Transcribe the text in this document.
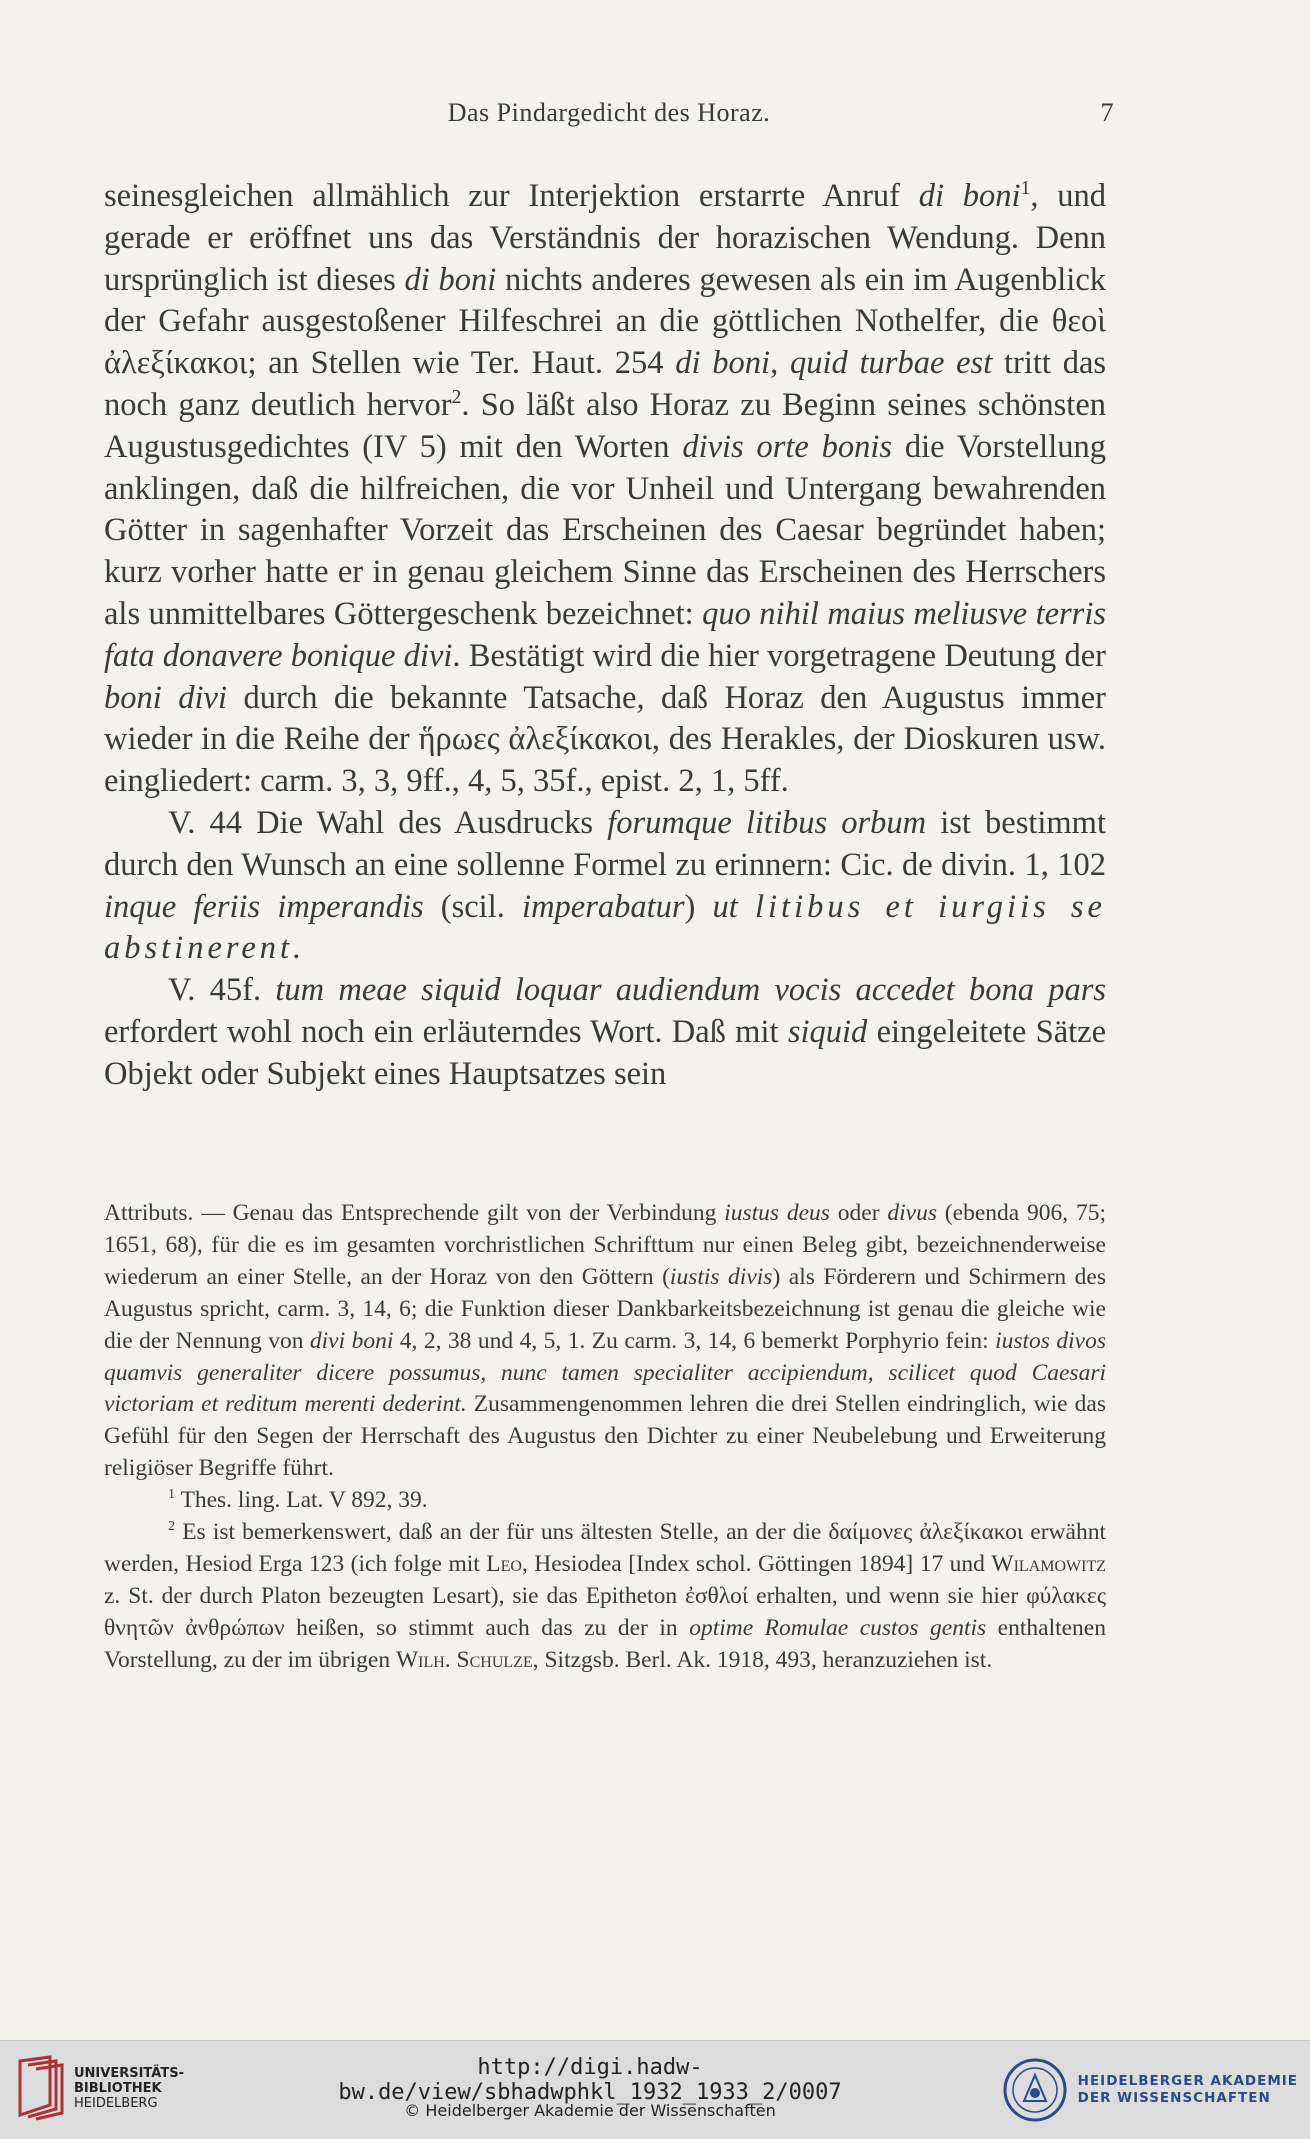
Das Pindargedicht des Horaz.	7

seinesgleichen allmählich zur Interjektion erstarrte Anruf di boni$^1$, und gerade er eröffnet uns das Verständnis der horazischen Wendung. Denn ursprünglich ist dieses di boni nichts anderes gewesen als ein im Augenblick der Gefahr ausgestoßener Hilfeschrei an die göttlichen Nothelfer, die θεοὶ ἀλεξίκακοι; an Stellen wie Ter. Haut. 254 di boni, quid turbae est tritt das noch ganz deutlich hervor$^2$. So läßt also Horaz zu Beginn seines schönsten Augustusgedichtes (IV 5) mit den Worten divis orte bonis die Vorstellung anklingen, daß die hilfreichen, die vor Unheil und Untergang bewahrenden Götter in sagenhafter Vorzeit das Erscheinen des Caesar begründet haben; kurz vorher hatte er in genau gleichem Sinne das Erscheinen des Herrschers als unmittelbares Göttergeschenk bezeichnet: quo nihil maius meliusve terris fata donavere bonique divi. Bestätigt wird die hier vorgetragene Deutung der boni divi durch die bekannte Tatsache, daß Horaz den Augustus immer wieder in die Reihe der ἥρωες ἀλεξίκακοι, des Herakles, der Dioskuren usw. eingliedert: carm. 3, 3, 9ff., 4, 5, 35f., epist. 2, 1, 5ff.

V. 44 Die Wahl des Ausdrucks forumque litibus orbum ist bestimmt durch den Wunsch an eine sollenne Formel zu erinnern: Cic. de divin. 1, 102 inque feriis imperandis (scil. imperabatur) ut litibus et iurgiis se abstinerent.

V. 45f. tum meae siquid loquar audiendum vocis accedet bona pars erfordert wohl noch ein erläuterndes Wort. Daß mit siquid eingeleitete Sätze Objekt oder Subjekt eines Hauptsatzes sein

Attributs. — Genau das Entsprechende gilt von der Verbindung iustus deus oder divus (ebenda 906, 75; 1651, 68), für die es im gesamten vorchristlichen Schrifttum nur einen Beleg gibt, bezeichnenderweise wiederum an einer Stelle, an der Horaz von den Göttern (iustis divis) als Förderern und Schirmern des Augustus spricht, carm. 3, 14, 6; die Funktion dieser Dankbarkeitsbezeichnung ist genau die gleiche wie die der Nennung von divi boni 4, 2, 38 und 4, 5, 1. Zu carm. 3, 14, 6 bemerkt Porphyrio fein: iustos divos quamvis generaliter dicere possumus, nunc tamen specialiter accipiendum, scilicet quod Caesari victoriam et reditum merenti dederint. Zusammengenommen lehren die drei Stellen eindringlich, wie das Gefühl für den Segen der Herrschaft des Augustus den Dichter zu einer Neubelebung und Erweiterung religiöser Begriffe führt.

$^1$ Thes. ling. Lat. V 892, 39.

$^2$ Es ist bemerkenswert, daß an der für uns ältesten Stelle, an der die δαίμονες ἀλεξίκακοι erwähnt werden, Hesiod Erga 123 (ich folge mit Leo, Hesiodea [Index schol. Göttingen 1894] 17 und Wilamowitz z. St. der durch Platon bezeugten Lesart), sie das Epitheton ἐσθλοί erhalten, und wenn sie hier φύλακες θνητῶν ἀνθρώπων heißen, so stimmt auch das zu der in optime Romulae custos gentis enthaltenen Vorstellung, zu der im übrigen Wilh. Schulze, Sitzgsb. Berl. Ak. 1918, 493, heranzuziehen ist.

UNIVERSITÄTS-
BIBLIOTHEK
HEIDELBERG
http://digi.hadw-bw.de/view/sbhadwphkl_1932_1933_2/0007
© Heidelberger Akademie der Wissenschaften
HEIDELBERGER AKADEMIE
DER WISSENSCHAFTEN
